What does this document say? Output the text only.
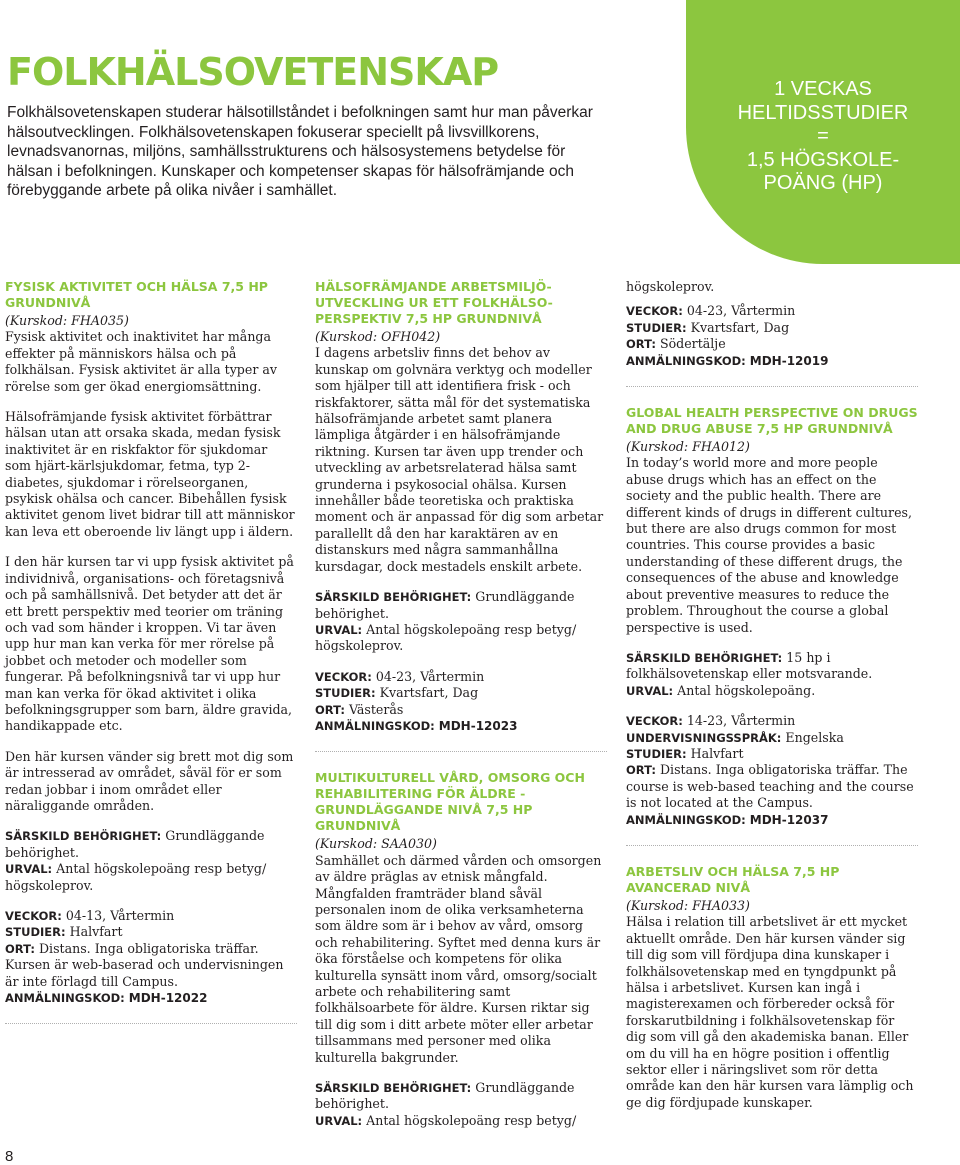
FOLKHÄLSOVETENSKAP

Folkhälsovetenskapen studerar hälsotillståndet i befolkningen samt hur man påverkar hälsoutvecklingen. Folkhälsovetenskapen fokuserar speciellt på livsvillkorens, levnadsvanornas, miljöns, samhällsstrukturens och hälsosystemens betydelse för hälsan i befolkningen. Kunskaper och kompetenser skapas för hälsofrämjande och förebyggande arbete på olika nivåer i samhället.

1 VECKAS
HELTIDSSTUDIER
=
1,5 HÖGSKOLE-
POÄNG (HP)
FYSISK AKTIVITET OCH HÄLSA 7,5 HP GRUNDNIVÅ

(Kurskod: FHA035)

Fysisk aktivitet och inaktivitet har många effekter på människors hälsa och på folkhälsan. Fysisk aktivitet är alla typer av rörelse som ger ökad energiomsättning.

Hälsofrämjande fysisk aktivitet förbättrar hälsan utan att orsaka skada, medan fysisk inaktivitet är en riskfaktor för sjukdomar som hjärt-kärlsjukdomar, fetma, typ 2-diabetes, sjukdomar i rörelseorganen, psykisk ohälsa och cancer. Bibehållen fysisk aktivitet genom livet bidrar till att människor kan leva ett oberoende liv längt upp i äldern.

I den här kursen tar vi upp fysisk aktivitet på individnivå, organisations- och företagsnivå och på samhällsnivå. Det betyder att det är ett brett perspektiv med teorier om träning och vad som händer i kroppen. Vi tar även upp hur man kan verka för mer rörelse på jobbet och metoder och modeller som fungerar. På befolkningsnivå tar vi upp hur man kan verka för ökad aktivitet i olika befolkningsgrupper som barn, äldre gravida, handikappade etc.

Den här kursen vänder sig brett mot dig som är intresserad av området, såväl för er som redan jobbar i inom området eller näraliggande områden.

SÄRSKILD BEHÖRIGHET: Grundläggande behörighet.
URVAL: Antal högskolepoäng resp betyg/ högskoleprov.

VECKOR: 04-13, Vårtermin
STUDIER: Halvfart
ORT: Distans. Inga obligatoriska träffar. Kursen är web-baserad och undervisningen är inte förlagd till Campus.
ANMÄLNINGSKOD: MDH-12022
HÄLSOFRÄMJANDE ARBETSMILJÖ-UTVECKLING UR ETT FOLKHÄLSO-PERSPEKTIV 7,5 HP GRUNDNIVÅ

(Kurskod: OFH042)

I dagens arbetsliv finns det behov av kunskap om golvnära verktyg och modeller som hjälper till att identifiera frisk - och riskfaktorer, sätta mål för det systematiska hälsofrämjande arbetet samt planera lämpliga åtgärder i en hälsofrämjande riktning. Kursen tar även upp trender och utveckling av arbetsrelaterad hälsa samt grunderna i psykosocial ohälsa. Kursen innehåller både teoretiska och praktiska moment och är anpassad för dig som arbetar parallellt då den har karaktären av en distanskurs med några sammanhållna kursdagar, dock mestadels enskilt arbete.

SÄRSKILD BEHÖRIGHET: Grundläggande behörighet.
URVAL: Antal högskolepoäng resp betyg/ högskoleprov.

VECKOR: 04-23, Vårtermin
STUDIER: Kvartsfart, Dag
ORT: Västerås
ANMÄLNINGSKOD: MDH-12023
MULTIKULTURELL VÅRD, OMSORG OCH REHABILITERING FÖR ÄLDRE - GRUNDLÄGGANDE NIVÅ 7,5 HP GRUNDNIVÅ

(Kurskod: SAA030)

Samhället och därmed vården och omsorgen av äldre präglas av etnisk mångfald. Mångfalden framträder bland såväl personalen inom de olika verksamheterna som äldre som är i behov av vård, omsorg och rehabilitering. Syftet med denna kurs är öka förståelse och kompetens för olika kulturella synsätt inom vård, omsorg/socialt arbete och rehabilitering samt folkhälsoarbete för äldre. Kursen riktar sig till dig som i ditt arbete möter eller arbetar tillsammans med personer med olika kulturella bakgrunder.

SÄRSKILD BEHÖRIGHET: Grundläggande behörighet.
URVAL: Antal högskolepoäng resp betyg/

högskoleprov.

VECKOR: 04-23, Vårtermin
STUDIER: Kvartsfart, Dag
ORT: Södertälje
ANMÄLNINGSKOD: MDH-12019
GLOBAL HEALTH PERSPECTIVE ON DRUGS AND DRUG ABUSE 7,5 HP GRUNDNIVÅ

(Kurskod: FHA012)

In today’s world more and more people abuse drugs which has an effect on the society and the public health. There are different kinds of drugs in different cultures, but there are also drugs common for most countries. This course provides a basic understanding of these different drugs, the consequences of the abuse and knowledge about preventive measures to reduce the problem. Throughout the course a global perspective is used.

SÄRSKILD BEHÖRIGHET: 15 hp i folkhälsovetenskap eller motsvarande.
URVAL: Antal högskolepoäng.

VECKOR: 14-23, Vårtermin
UNDERVISNINGSSPRÅK: Engelska
STUDIER: Halvfart
ORT: Distans. Inga obligatoriska träffar. The course is web-based teaching and the course is not located at the Campus.
ANMÄLNINGSKOD: MDH-12037
ARBETSLIV OCH HÄLSA 7,5 HP AVANCERAD NIVÅ

(Kurskod: FHA033)

Hälsa i relation till arbetslivet är ett mycket aktuellt område. Den här kursen vänder sig till dig som vill fördjupa dina kunskaper i folkhälsovetenskap med en tyngdpunkt på hälsa i arbetslivet. Kursen kan ingå i magisterexamen och förbereder också för forskarutbildning i folkhälsovetenskap för dig som vill gå den akademiska banan. Eller om du vill ha en högre position i offentlig sektor eller i näringslivet som rör detta område kan den här kursen vara lämplig och ge dig fördjupade kunskaper.

8
